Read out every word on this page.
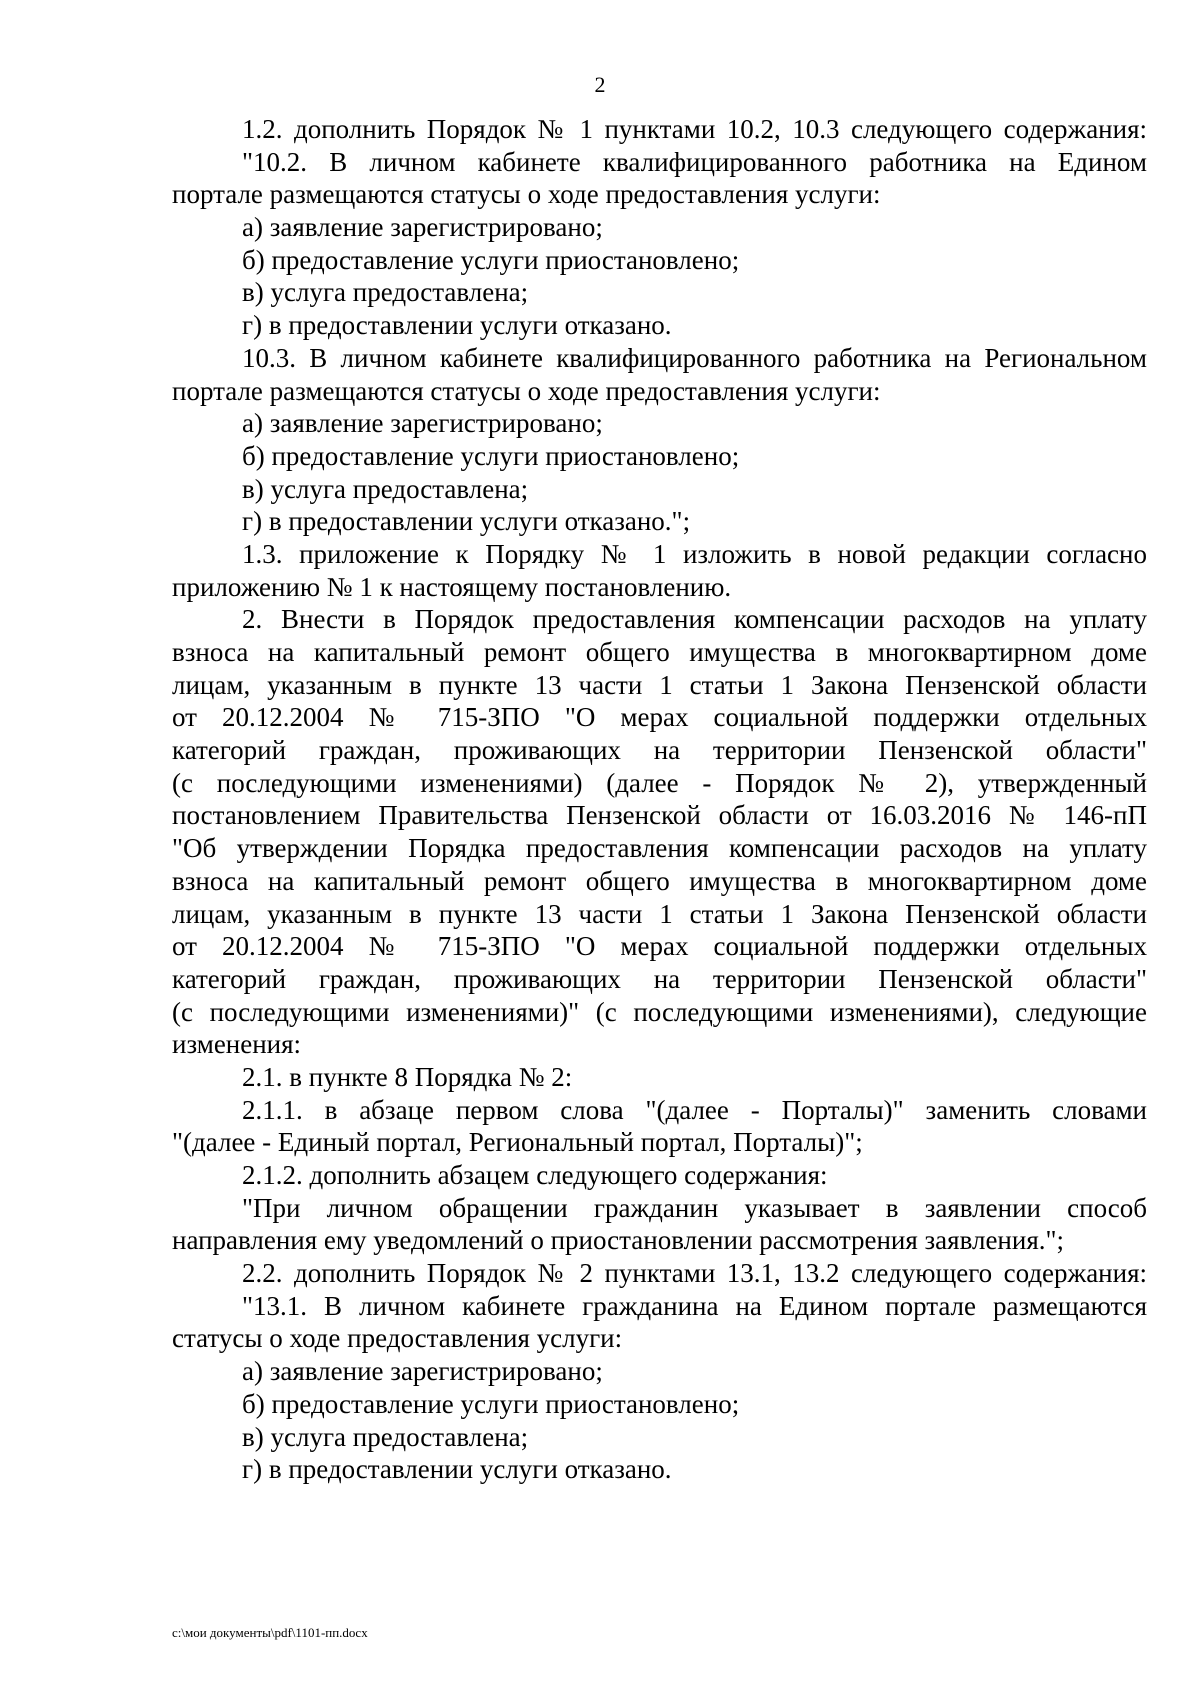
2
1.2. дополнить Порядок № 1 пунктами 10.2, 10.3 следующего содержания:
"10.2. В личном кабинете квалифицированного работника на Едином
портале размещаются статусы о ходе предоставления услуги:
а) заявление зарегистрировано;
б) предоставление услуги приостановлено;
в) услуга предоставлена;
г) в предоставлении услуги отказано.
10.3. В личном кабинете квалифицированного работника на Региональном
портале размещаются статусы о ходе предоставления услуги:
а) заявление зарегистрировано;
б) предоставление услуги приостановлено;
в) услуга предоставлена;
г) в предоставлении услуги отказано.";
1.3. приложение к Порядку № 1 изложить в новой редакции согласно
приложению № 1 к настоящему постановлению.
2. Внести в Порядок предоставления компенсации расходов на уплату
взноса на капитальный ремонт общего имущества в многоквартирном доме
лицам, указанным в пункте 13 части 1 статьи 1 Закона Пензенской области
от 20.12.2004 № 715-ЗПО "О мерах социальной поддержки отдельных
категорий граждан, проживающих на территории Пензенской области"
(с последующими изменениями) (далее - Порядок № 2), утвержденный
постановлением Правительства Пензенской области от 16.03.2016 № 146-пП
"Об утверждении Порядка предоставления компенсации расходов на уплату
взноса на капитальный ремонт общего имущества в многоквартирном доме
лицам, указанным в пункте 13 части 1 статьи 1 Закона Пензенской области
от 20.12.2004 № 715-ЗПО "О мерах социальной поддержки отдельных
категорий граждан, проживающих на территории Пензенской области"
(с последующими изменениями)" (с последующими изменениями), следующие
изменения:
2.1. в пункте 8 Порядка № 2:
2.1.1. в абзаце первом слова "(далее - Порталы)" заменить словами
"(далее - Единый портал, Региональный портал, Порталы)";
2.1.2. дополнить абзацем следующего содержания:
"При личном обращении гражданин указывает в заявлении способ
направления ему уведомлений о приостановлении рассмотрения заявления.";
2.2. дополнить Порядок № 2 пунктами 13.1, 13.2 следующего содержания:
"13.1. В личном кабинете гражданина на Едином портале размещаются
статусы о ходе предоставления услуги:
а) заявление зарегистрировано;
б) предоставление услуги приостановлено;
в) услуга предоставлена;
г) в предоставлении услуги отказано.
c:\мои документы\pdf\1101-пп.docx
